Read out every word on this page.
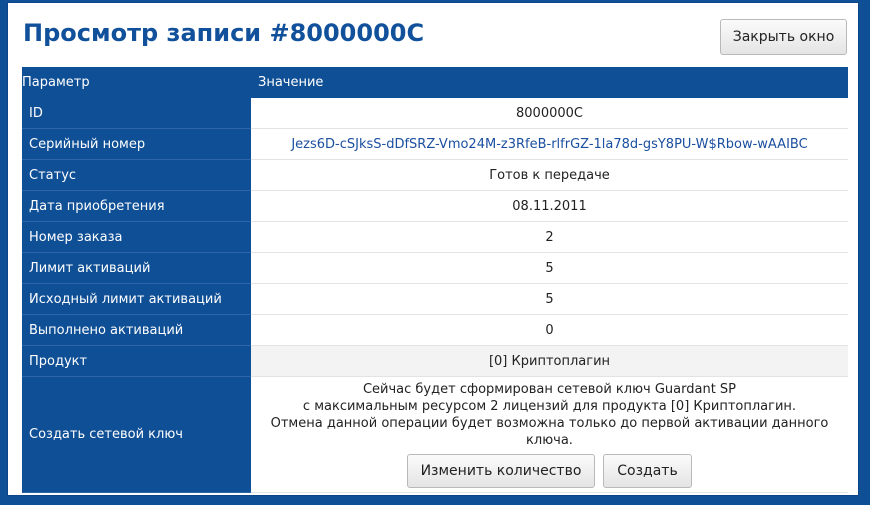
Просмотр записи #8000000C	Закрыть окно
Параметр	Значение
ID	8000000C
Серийный номер	Jezs6D-cSJksS-dDfSRZ-Vmo24M-z3RfeB-rlfrGZ-1la78d-gsY8PU-W$Rbow-wAAIBC
Статус	Готов к передаче
Дата приобретения	08.11.2011
Номер заказа	2
Лимит активаций	5
Исходный лимит активаций	5
Выполнено активаций	0
Продукт	[0] Криптоплагин
Создать сетевой ключ	Сейчас будет сформирован сетевой ключ Guardant SP
с максимальным ресурсом 2 лицензий для продукта [0] Криптоплагин.
Отмена данной операции будет возможна только до первой активации данного ключа.
Изменить количество Создать
